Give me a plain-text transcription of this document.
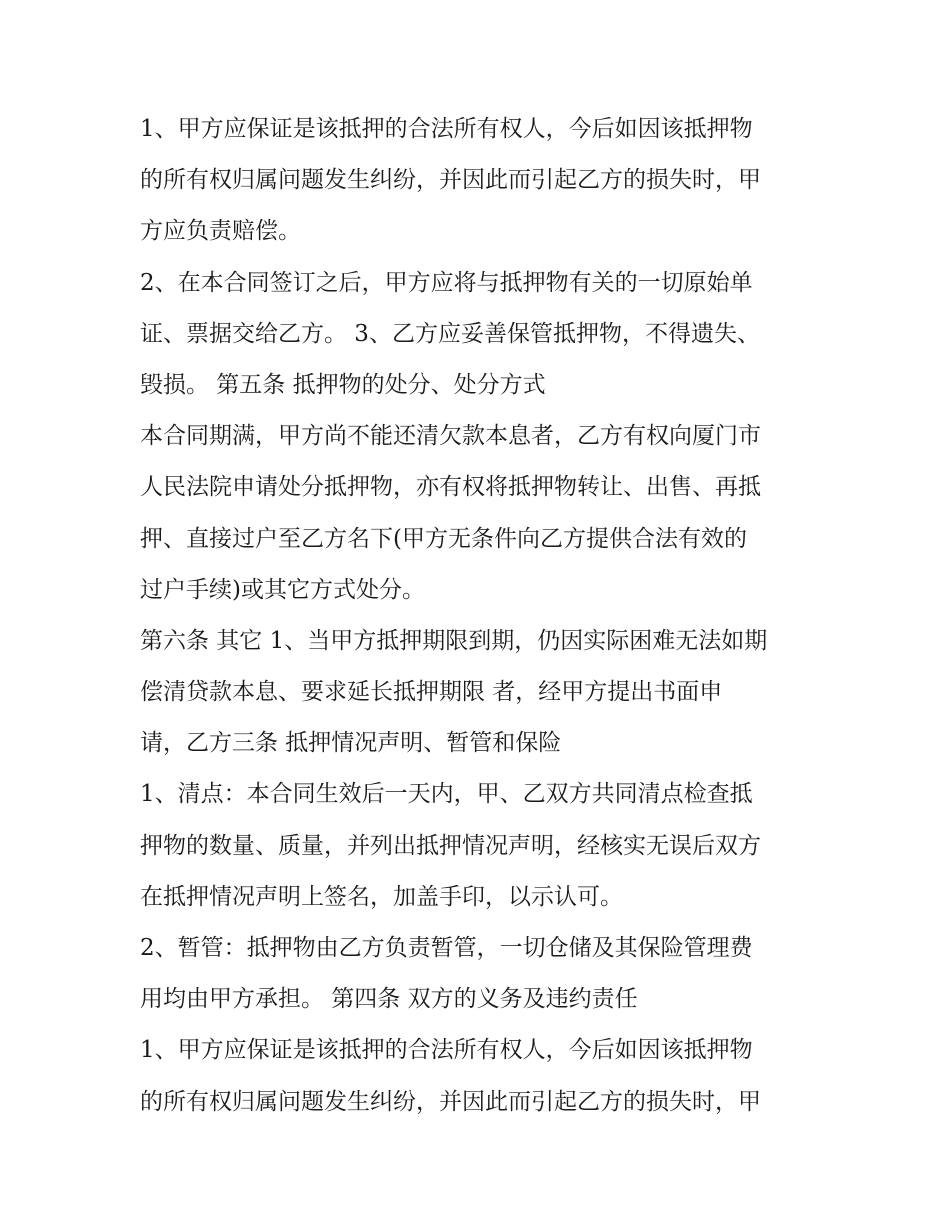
1、甲方应保证是该抵押的合法所有权人，今后如因该抵押物
的所有权归属问题发生纠纷，并因此而引起乙方的损失时，甲
方应负责赔偿。
2、在本合同签订之后，甲方应将与抵押物有关的一切原始单
证、票据交给乙方。 3、乙方应妥善保管抵押物，不得遗失、
毁损。 第五条 抵押物的处分、处分方式
本合同期满，甲方尚不能还清欠款本息者，乙方有权向厦门市
人民法院申请处分抵押物，亦有权将抵押物转让、出售、再抵
押、直接过户至乙方名下(甲方无条件向乙方提供合法有效的
过户手续)或其它方式处分。
第六条 其它 1、当甲方抵押期限到期，仍因实际困难无法如期
偿清贷款本息、要求延长抵押期限 者，经甲方提出书面申
请，乙方三条 抵押情况声明、暂管和保险
1、清点：本合同生效后一天内，甲、乙双方共同清点检查抵
押物的数量、质量，并列出抵押情况声明，经核实无误后双方
在抵押情况声明上签名，加盖手印，以示认可。
2、暂管：抵押物由乙方负责暂管，一切仓储及其保险管理费
用均由甲方承担。 第四条 双方的义务及违约责任
1、甲方应保证是该抵押的合法所有权人，今后如因该抵押物
的所有权归属问题发生纠纷，并因此而引起乙方的损失时，甲
